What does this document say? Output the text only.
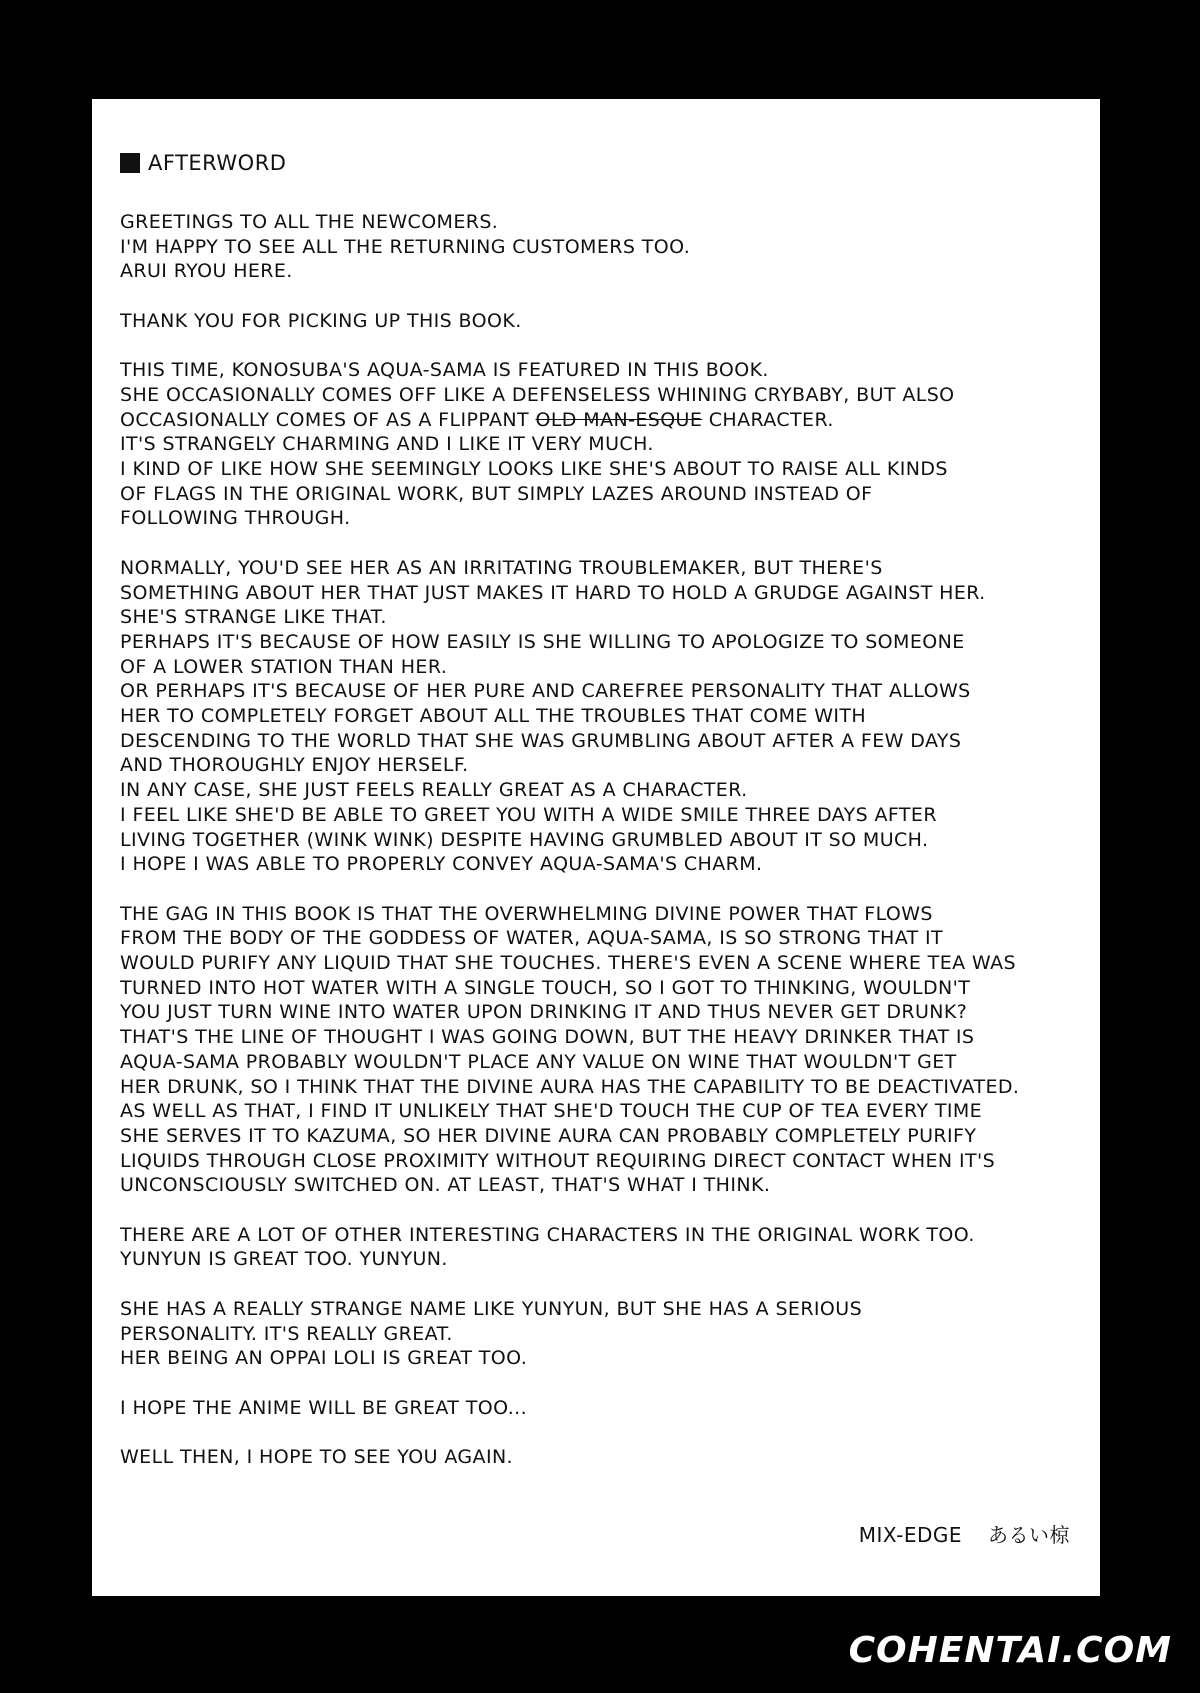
AFTERWORD
GREETINGS TO ALL THE NEWCOMERS.
I'M HAPPY TO SEE ALL THE RETURNING CUSTOMERS TOO.
ARUI RYOU HERE.
THANK YOU FOR PICKING UP THIS BOOK.
THIS TIME, KONOSUBA'S AQUA-SAMA IS FEATURED IN THIS BOOK.
SHE OCCASIONALLY COMES OFF LIKE A DEFENSELESS WHINING CRYBABY, BUT ALSO
OCCASIONALLY COMES OF AS A FLIPPANT OLD MAN-ESQUE CHARACTER.
IT'S STRANGELY CHARMING AND I LIKE IT VERY MUCH.
I KIND OF LIKE HOW SHE SEEMINGLY LOOKS LIKE SHE'S ABOUT TO RAISE ALL KINDS
OF FLAGS IN THE ORIGINAL WORK, BUT SIMPLY LAZES AROUND INSTEAD OF
FOLLOWING THROUGH.
NORMALLY, YOU'D SEE HER AS AN IRRITATING TROUBLEMAKER, BUT THERE'S
SOMETHING ABOUT HER THAT JUST MAKES IT HARD TO HOLD A GRUDGE AGAINST HER.
SHE'S STRANGE LIKE THAT.
PERHAPS IT'S BECAUSE OF HOW EASILY IS SHE WILLING TO APOLOGIZE TO SOMEONE
OF A LOWER STATION THAN HER.
OR PERHAPS IT'S BECAUSE OF HER PURE AND CAREFREE PERSONALITY THAT ALLOWS
HER TO COMPLETELY FORGET ABOUT ALL THE TROUBLES THAT COME WITH
DESCENDING TO THE WORLD THAT SHE WAS GRUMBLING ABOUT AFTER A FEW DAYS
AND THOROUGHLY ENJOY HERSELF.
IN ANY CASE, SHE JUST FEELS REALLY GREAT AS A CHARACTER.
I FEEL LIKE SHE'D BE ABLE TO GREET YOU WITH A WIDE SMILE THREE DAYS AFTER
LIVING TOGETHER (WINK WINK) DESPITE HAVING GRUMBLED ABOUT IT SO MUCH.
I HOPE I WAS ABLE TO PROPERLY CONVEY AQUA-SAMA'S CHARM.
THE GAG IN THIS BOOK IS THAT THE OVERWHELMING DIVINE POWER THAT FLOWS
FROM THE BODY OF THE GODDESS OF WATER, AQUA-SAMA, IS SO STRONG THAT IT
WOULD PURIFY ANY LIQUID THAT SHE TOUCHES. THERE'S EVEN A SCENE WHERE TEA WAS
TURNED INTO HOT WATER WITH A SINGLE TOUCH, SO I GOT TO THINKING, WOULDN'T
YOU JUST TURN WINE INTO WATER UPON DRINKING IT AND THUS NEVER GET DRUNK?
THAT'S THE LINE OF THOUGHT I WAS GOING DOWN, BUT THE HEAVY DRINKER THAT IS
AQUA-SAMA PROBABLY WOULDN'T PLACE ANY VALUE ON WINE THAT WOULDN'T GET
HER DRUNK, SO I THINK THAT THE DIVINE AURA HAS THE CAPABILITY TO BE DEACTIVATED.
AS WELL AS THAT, I FIND IT UNLIKELY THAT SHE'D TOUCH THE CUP OF TEA EVERY TIME
SHE SERVES IT TO KAZUMA, SO HER DIVINE AURA CAN PROBABLY COMPLETELY PURIFY
LIQUIDS THROUGH CLOSE PROXIMITY WITHOUT REQUIRING DIRECT CONTACT WHEN IT'S
UNCONSCIOUSLY SWITCHED ON. AT LEAST, THAT'S WHAT I THINK.
THERE ARE A LOT OF OTHER INTERESTING CHARACTERS IN THE ORIGINAL WORK TOO.
YUNYUN IS GREAT TOO. YUNYUN.
SHE HAS A REALLY STRANGE NAME LIKE YUNYUN, BUT SHE HAS A SERIOUS
PERSONALITY. IT'S REALLY GREAT.
HER BEING AN OPPAI LOLI IS GREAT TOO.
I HOPE THE ANIME WILL BE GREAT TOO...
WELL THEN, I HOPE TO SEE YOU AGAIN.
MIX-EDGE あるい椋
COHENTAI.COM
